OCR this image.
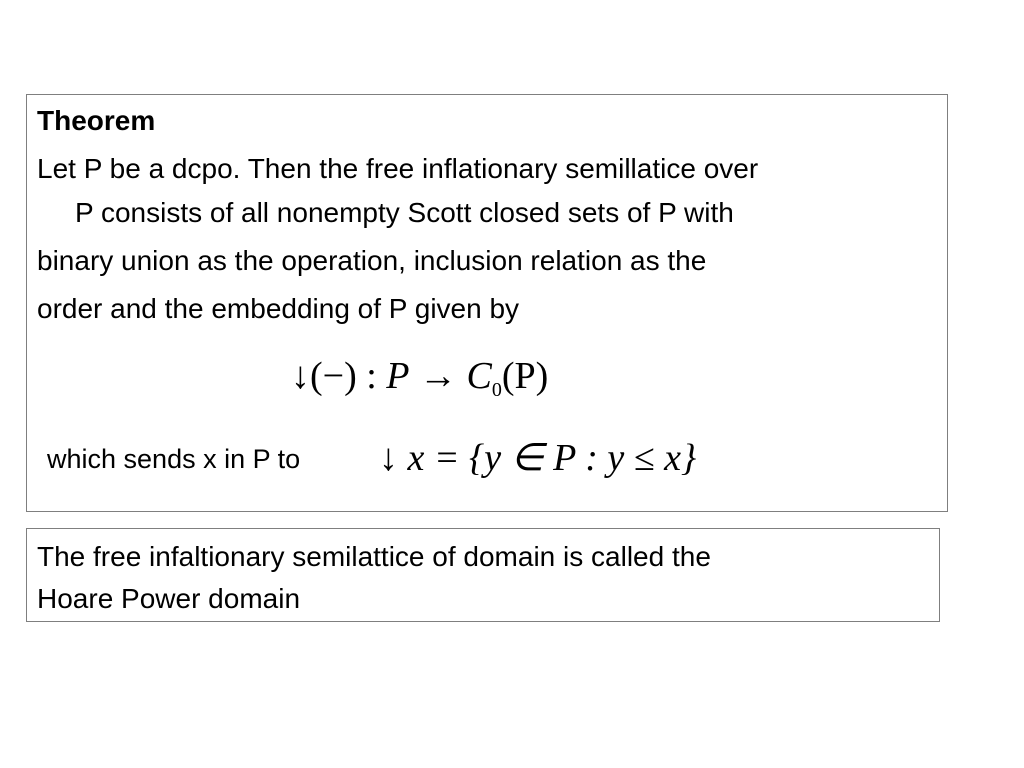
Theorem
Let P be a dcpo. Then the free inflationary semillatice over
P consists of all nonempty Scott closed sets of P with
binary union as the operation, inclusion relation as the
order and the embedding of P given by
↓(−) : $P \to C_0(P)$
which sends x in P to ↓ x = {y ∈ P : y ≤ x}
The free infaltionary semilattice of domain is called the
Hoare Power domain
